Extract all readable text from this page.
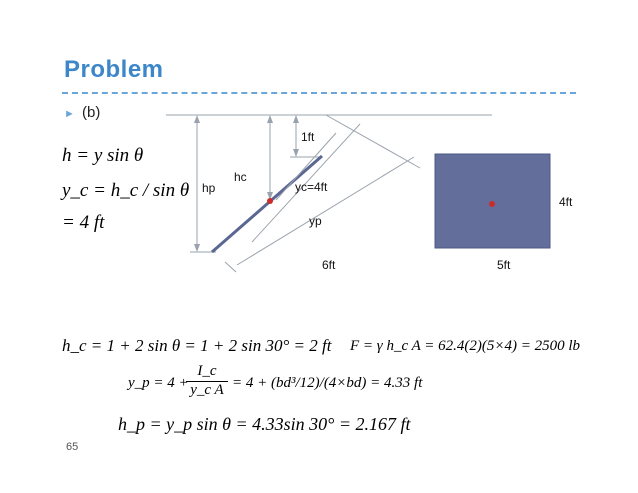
Problem
► (b)
h = y sin θ
y_c = h_c / sin θ
= 4 ft
1ft
hc
hp	yc=4ft
yp
6ft	5ft
4ft
h_c = 1 + 2 sin θ = 1 + 2 sin 30° = 2 ft F = γ h_c A = 62.4(2)(5×4) = 2500 lb
y_p = 4 +
$\frac{I\_c}{\text{y\_c A}} = 4 + (bd^3/12)/(4\times bd) = 4.33$ ft
h_p = y_p sin θ = 4.33sin 30° = 2.167 ft
65
